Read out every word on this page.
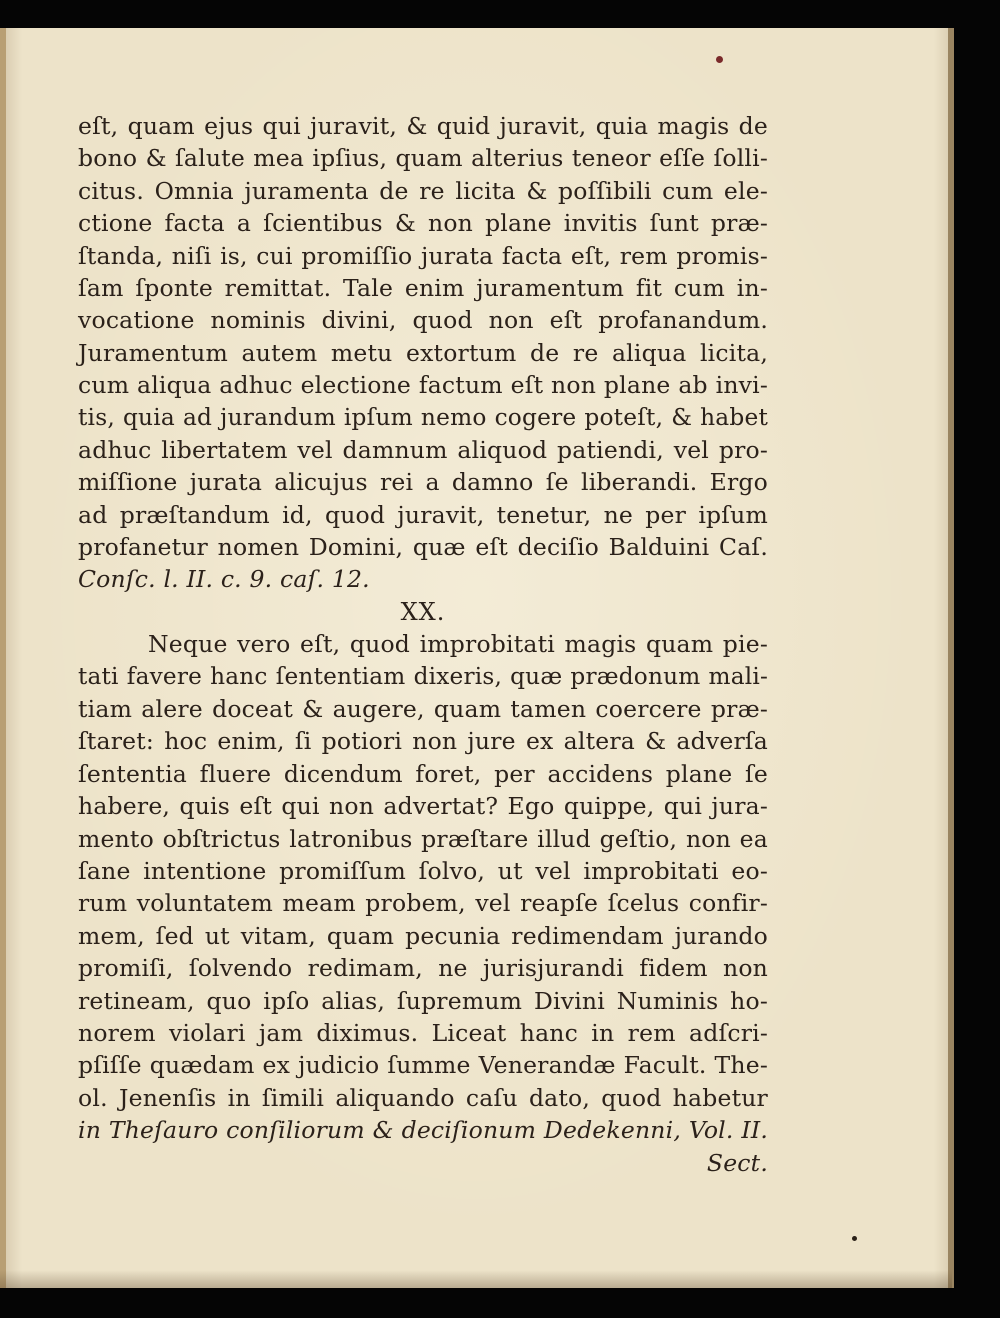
eſt, quam ejus qui juravit, & quid juravit, quia magis de
bono & ſalute mea ipſius, quam alterius teneor eſſe ſolli-
citus. Omnia juramenta de re licita & poſſibili cum ele-
ctione facta a ſcientibus & non plane invitis ſunt præ-
ſtanda, niſi is, cui promiſſio jurata facta eſt, rem promis-
ſam ſponte remittat. Tale enim juramentum fit cum in-
vocatione nominis divini, quod non eſt profanandum.
Juramentum autem metu extortum de re aliqua licita,
cum aliqua adhuc electione factum eſt non plane ab invi-
tis, quia ad jurandum ipſum nemo cogere poteſt, & habet
adhuc libertatem vel damnum aliquod patiendi, vel pro-
miſſione jurata alicujus rei a damno ſe liberandi. Ergo
ad præſtandum id, quod juravit, tenetur, ne per ipſum
profanetur nomen Domini, quæ eſt deciſio Balduini Caſ.
Conſc. l. II. c. 9. caſ. 12.
XX.
Neque vero eſt, quod improbitati magis quam pie-
tati favere hanc ſententiam dixeris, quæ prædonum mali-
tiam alere doceat & augere, quam tamen coercere præ-
ſtaret: hoc enim, ſi potiori non jure ex altera & adverſa
ſententia fluere dicendum foret, per accidens plane ſe
habere, quis eſt qui non advertat? Ego quippe, qui jura-
mento obſtrictus latronibus præſtare illud geſtio, non ea
ſane intentione promiſſum ſolvo, ut vel improbitati eo-
rum voluntatem meam probem, vel reapſe ſcelus confir-
mem, ſed ut vitam, quam pecunia redimendam jurando
promiſi, ſolvendo redimam, ne jurisjurandi fidem non
retineam, quo ipſo alias, ſupremum Divini Numinis ho-
norem violari jam diximus. Liceat hanc in rem adſcri-
pſiſſe quædam ex judicio ſumme Venerandæ Facult. The-
ol. Jenenſis in ſimili aliquando caſu dato, quod habetur
in Theſauro conſiliorum & deciſionum Dedekenni, Vol. II.
Sect.
